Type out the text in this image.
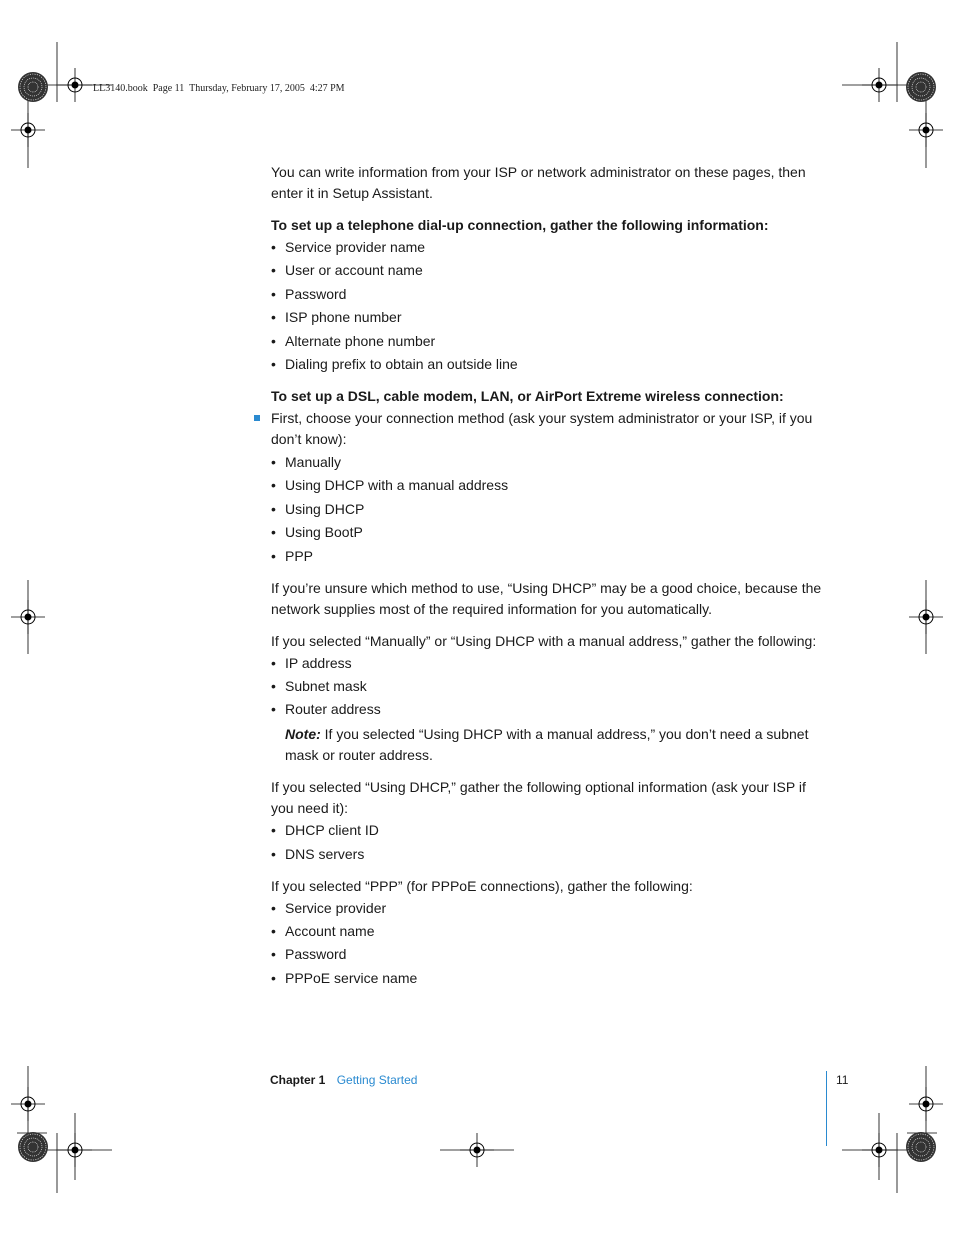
LL3140.book  Page 11  Thursday, February 17, 2005  4:27 PM

You can write information from your ISP or network administrator on these pages, then enter it in Setup Assistant.

To set up a telephone dial-up connection, gather the following information:

• Service provider name
• User or account name
• Password
• ISP phone number
• Alternate phone number
• Dialing prefix to obtain an outside line

To set up a DSL, cable modem, LAN, or AirPort Extreme wireless connection:

First, choose your connection method (ask your system administrator or your ISP, if you don’t know):
• Manually
• Using DHCP with a manual address
• Using DHCP
• Using BootP
• PPP

If you’re unsure which method to use, “Using DHCP” may be a good choice, because the network supplies most of the required information for you automatically.

If you selected “Manually” or “Using DHCP with a manual address,” gather the following:

• IP address
• Subnet mask
• Router address

Note: If you selected “Using DHCP with a manual address,” you don’t need a subnet mask or router address.

If you selected “Using DHCP,” gather the following optional information (ask your ISP if you need it):

• DHCP client ID
• DNS servers

If you selected “PPP” (for PPPoE connections), gather the following:

• Service provider
• Account name
• Password
• PPPoE service name
Chapter 1 Getting Started	11
